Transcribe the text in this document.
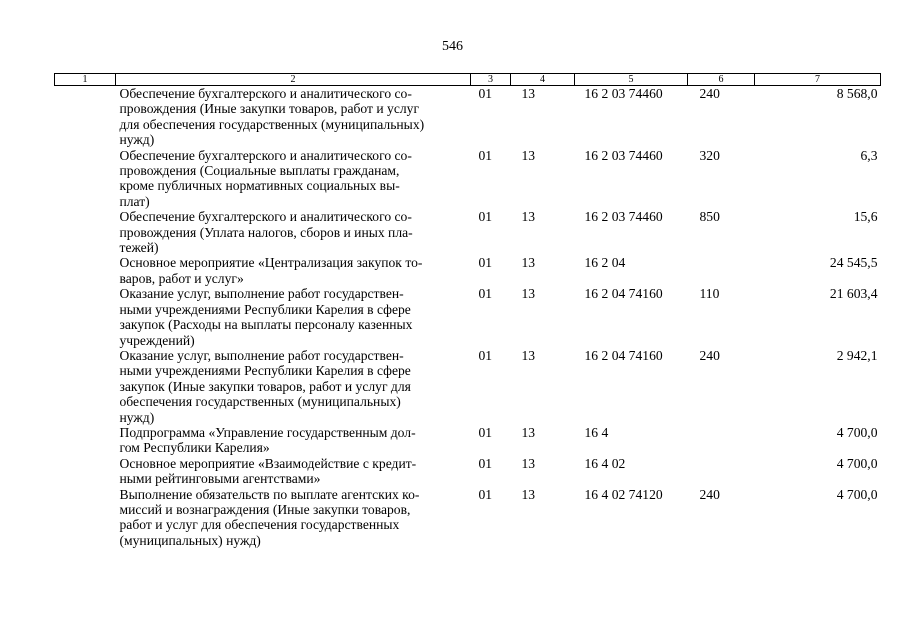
546
1	2	3	4	5	6	7

	Обеспечение бухгалтерского и аналитического со-
провождения (Иные закупки товаров, работ и услуг
для обеспечения государственных (муниципальных)
нужд)	01	13	16 2 03 74460	240	8 568,0

	Обеспечение бухгалтерского и аналитического со-
провождения (Социальные выплаты гражданам,
кроме публичных нормативных социальных вы-
плат)	01	13	16 2 03 74460	320	6,3

	Обеспечение бухгалтерского и аналитического со-
провождения (Уплата налогов, сборов и иных пла-
тежей)	01	13	16 2 03 74460	850	15,6

	Основное мероприятие «Централизация закупок то-
варов, работ и услуг»	01	13	16 2 04		24 545,5

	Оказание услуг, выполнение работ государствен-
ными учреждениями Республики Карелия в сфере
закупок (Расходы на выплаты персоналу казенных
учреждений)	01	13	16 2 04 74160	110	21 603,4

	Оказание услуг, выполнение работ государствен-
ными учреждениями Республики Карелия в сфере
закупок (Иные закупки товаров, работ и услуг для
обеспечения государственных (муниципальных)
нужд)	01	13	16 2 04 74160	240	2 942,1

	Подпрограмма «Управление государственным дол-
гом Республики Карелия»	01	13	16 4		4 700,0

	Основное мероприятие «Взаимодействие с кредит-
ными рейтинговыми агентствами»	01	13	16 4 02		4 700,0

	Выполнение обязательств по выплате агентских ко-
миссий и вознаграждения (Иные закупки товаров,
работ и услуг для обеспечения государственных
(муниципальных) нужд)	01	13	16 4 02 74120	240	4 700,0
